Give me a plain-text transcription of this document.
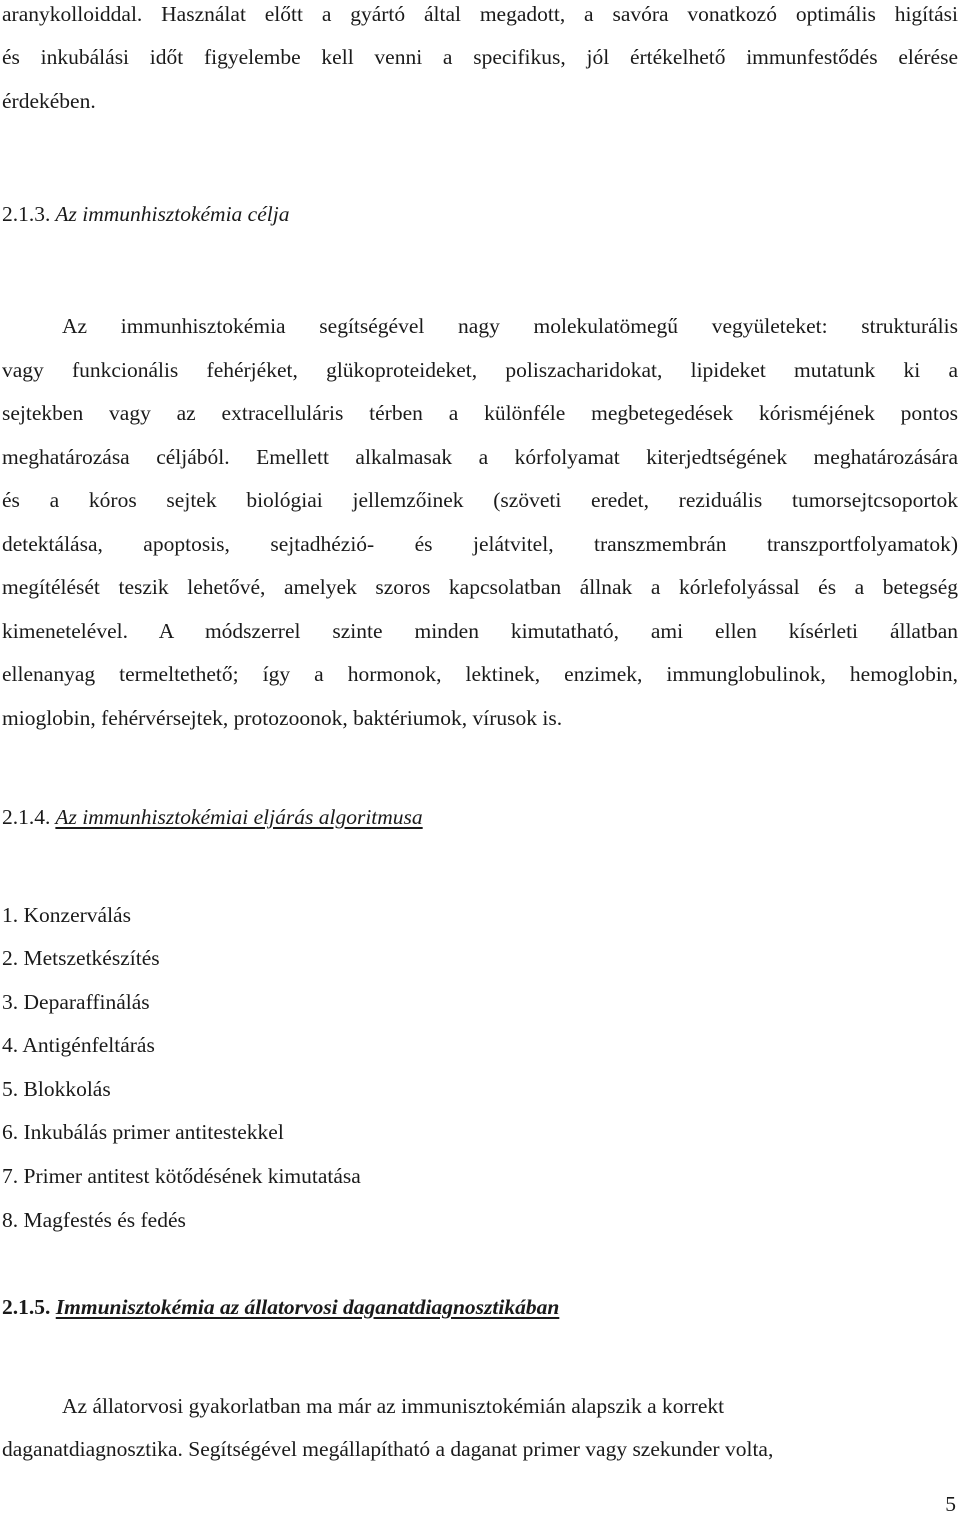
aranykolloiddal. Használat előtt a gyártó által megadott, a savóra vonatkozó optimális higítási
és inkubálási időt figyelembe kell venni a specifikus, jól értékelhető immunfestődés elérése
érdekében.
2.1.3. Az immunhisztokémia célja
Az immunhisztokémia segítségével nagy molekulatömegű vegyületeket: strukturális
vagy funkcionális fehérjéket, glükoproteideket, poliszacharidokat, lipideket mutatunk ki a
sejtekben vagy az extracelluláris térben a különféle megbetegedések kórisméjének pontos
meghatározása céljából. Emellett alkalmasak a kórfolyamat kiterjedtségének meghatározására
és a kóros sejtek biológiai jellemzőinek (szöveti eredet, reziduális tumorsejtcsoportok
detektálása, apoptosis, sejtadhézió- és jelátvitel, transzmembrán transzportfolyamatok)
megítélését teszik lehetővé, amelyek szoros kapcsolatban állnak a kórlefolyással és a betegség
kimenetelével. A módszerrel szinte minden kimutatható, ami ellen kísérleti állatban
ellenanyag termeltethető; így a hormonok, lektinek, enzimek, immunglobulinok, hemoglobin,
mioglobin, fehérvérsejtek, protozoonok, baktériumok, vírusok is.
2.1.4. Az immunhisztokémiai eljárás algoritmusa
1. Konzerválás
2. Metszetkészítés
3. Deparaffinálás
4. Antigénfeltárás
5. Blokkolás
6. Inkubálás primer antitestekkel
7. Primer antitest kötődésének kimutatása
8. Magfestés és fedés
2.1.5. Immunisztokémia az állatorvosi daganatdiagnosztikában
Az állatorvosi gyakorlatban ma már az immunisztokémián alapszik a korrekt
daganatdiagnosztika. Segítségével megállapítható a daganat primer vagy szekunder volta,
5
